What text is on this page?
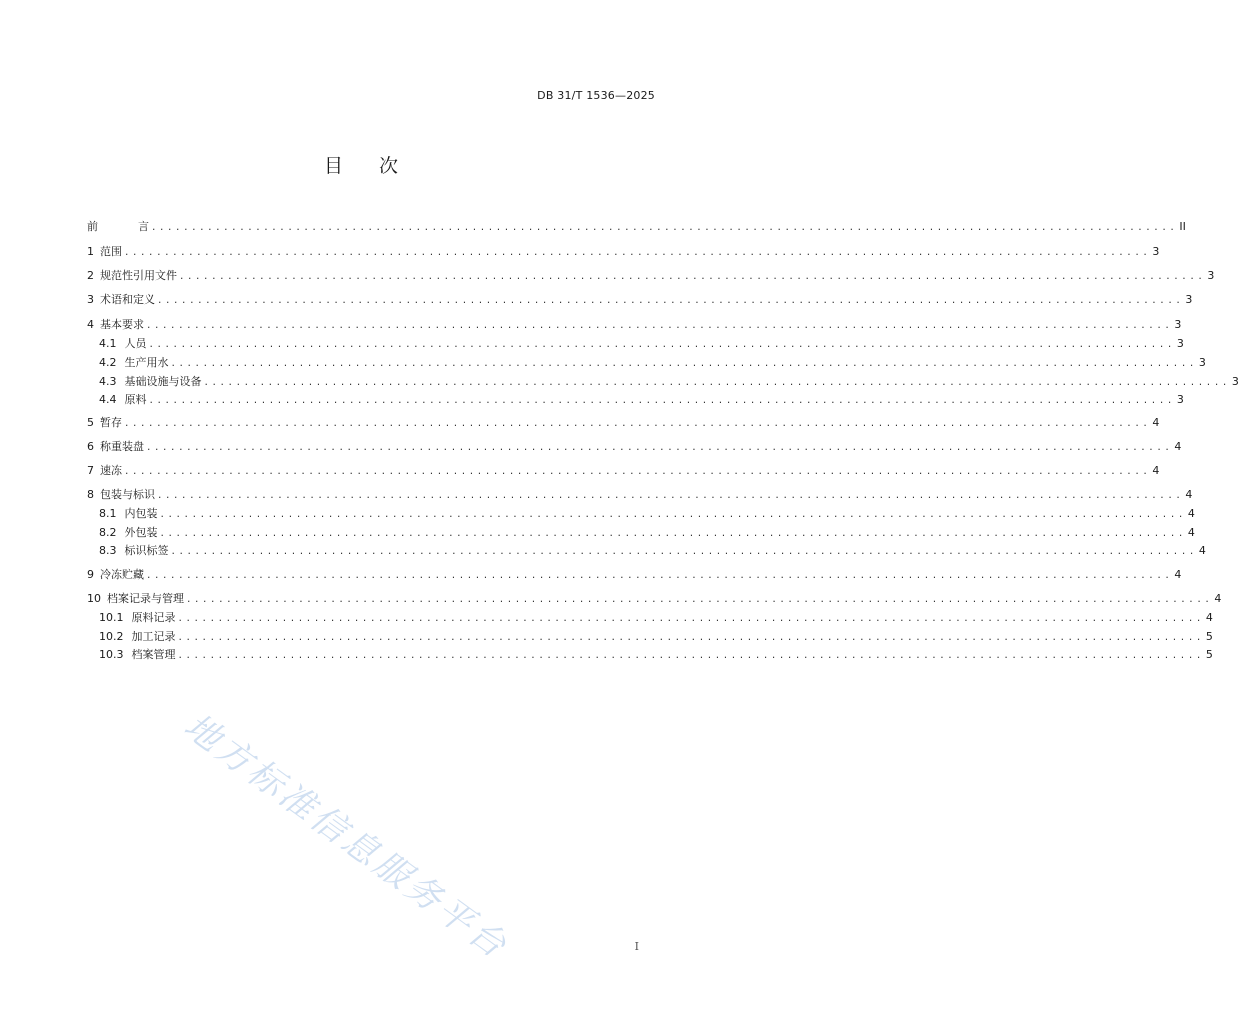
DB 31/T 1536—2025
目 次
前	言 ................................................................................................................................ II
1 范围 ................................................................................................................................ 3
2 规范性引用文件 ................................................................................................................................ 3
3 术语和定义 ................................................................................................................................ 3
4 基本要求 ................................................................................................................................ 3
4.1 人员 ................................................................................................................................ 3
4.2 生产用水 ................................................................................................................................ 3
4.3 基础设施与设备 ................................................................................................................................ 3
4.4 原料 ................................................................................................................................ 3
5 暂存 ................................................................................................................................ 4
6 称重装盘 ................................................................................................................................ 4
7 速冻 ................................................................................................................................ 4
8 包装与标识 ................................................................................................................................ 4
8.1 内包装 ................................................................................................................................ 4
8.2 外包装 ................................................................................................................................ 4
8.3 标识标签 ................................................................................................................................ 4
9 冷冻贮藏 ................................................................................................................................ 4
10 档案记录与管理 ................................................................................................................................ 4
10.1 原料记录 ................................................................................................................................ 4
10.2 加工记录 ................................................................................................................................ 5
10.3 档案管理 ................................................................................................................................ 5
地方标准信息服务平台	I
